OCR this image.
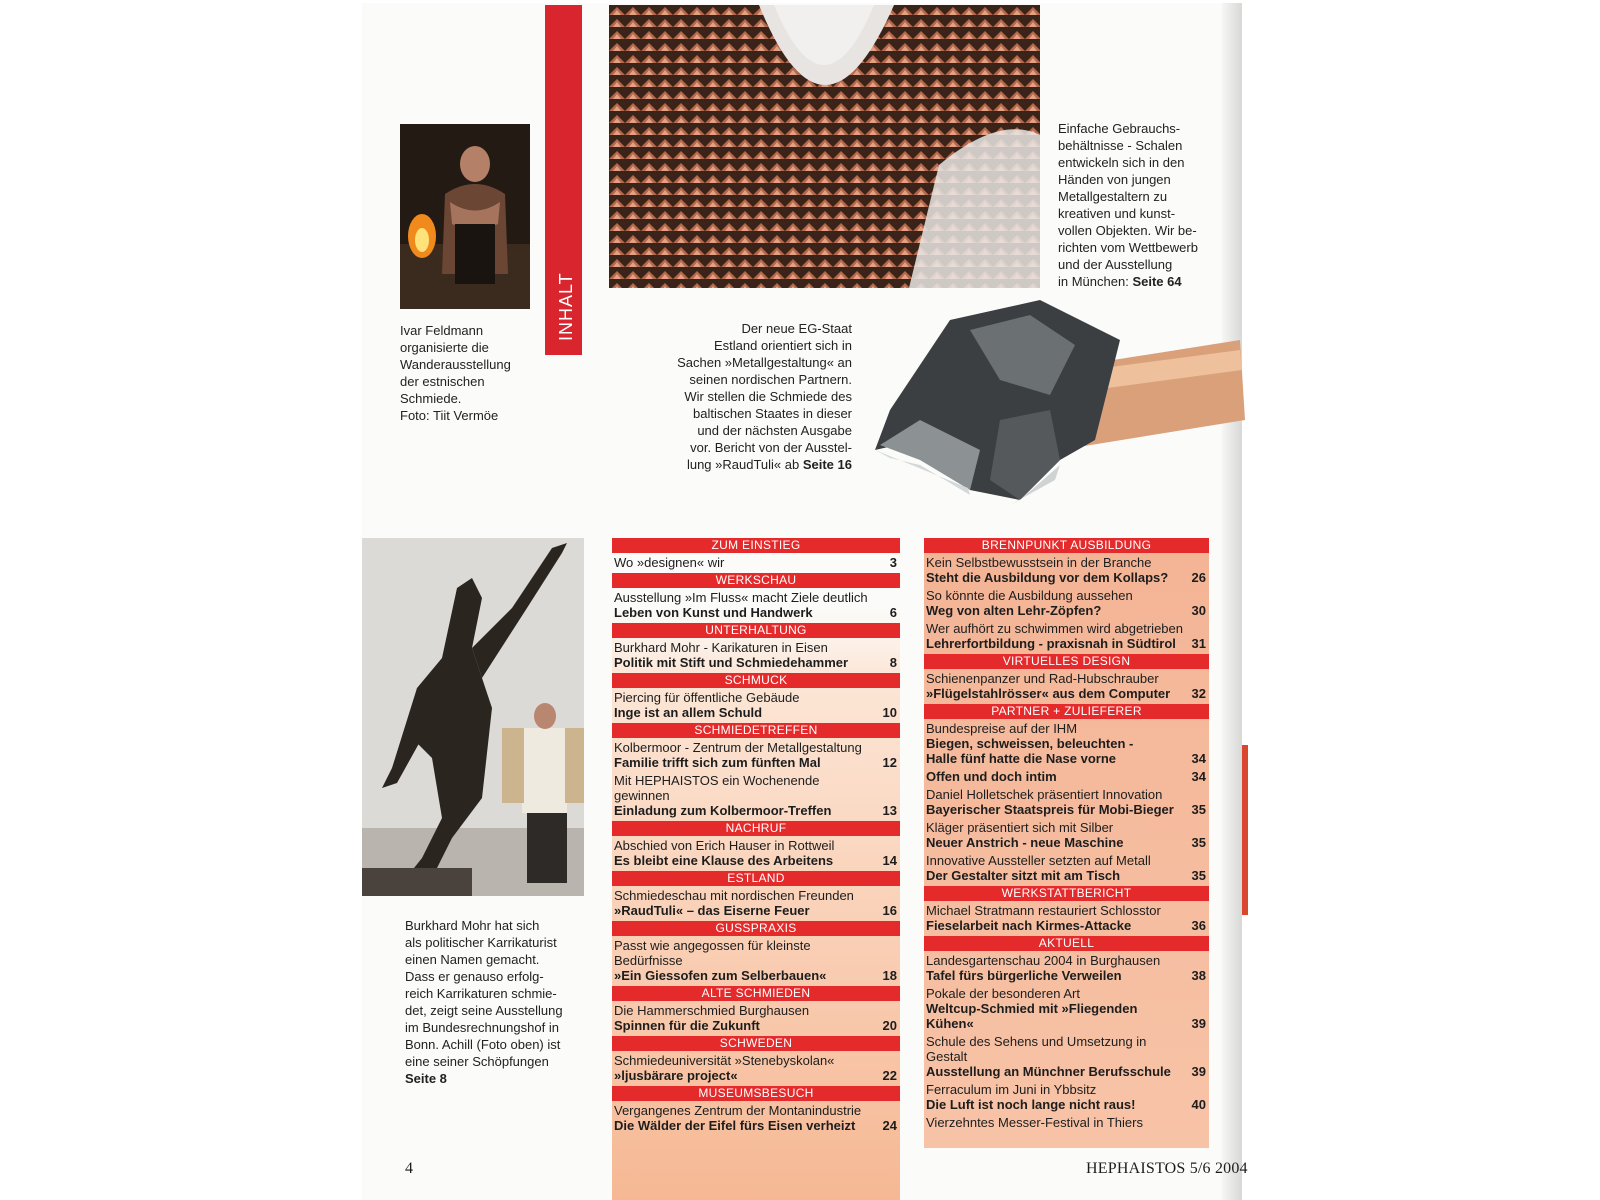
Ivar Feldmann
organisierte die
Wanderausstellung
der estnischen
Schmiede.
Foto: Tiit Vermöe
INHALT
Einfache Gebrauchs-
behältnisse - Schalen
entwickeln sich in den
Händen von jungen
Metallgestaltern zu
kreativen und kunst-
vollen Objekten. Wir be-
richten vom Wettbewerb
und der Ausstellung
in München: Seite 64
Der neue EG-Staat
Estland orientiert sich in
Sachen »Metallgestaltung« an
seinen nordischen Partnern.
Wir stellen die Schmiede des
baltischen Staates in dieser
und der nächsten Ausgabe
vor. Bericht von der Ausstel-
lung »RaudTuli« ab Seite 16
Burkhard Mohr hat sich
als politischer Karrikaturist
einen Namen gemacht.
Dass er genauso erfolg-
reich Karrikaturen schmie-
det, zeigt seine Ausstellung
im Bundesrechnungshof in
Bonn. Achill (Foto oben) ist
eine seiner Schöpfungen
Seite 8
ZUM EINSTIEG
Wo »designen« wir	3
WERKSCHAU
Ausstellung »Im Fluss« macht Ziele deutlich
Leben von Kunst und Handwerk	6
UNTERHALTUNG
Burkhard Mohr - Karikaturen in Eisen
Politik mit Stift und Schmiedehammer	8
SCHMUCK
Piercing für öffentliche Gebäude
Inge ist an allem Schuld	10
SCHMIEDETREFFEN
Kolbermoor - Zentrum der Metallgestaltung
Familie trifft sich zum fünften Mal	12
Mit HEPHAISTOS ein Wochenende gewinnen
Einladung zum Kolbermoor-Treffen	13
NACHRUF
Abschied von Erich Hauser in Rottweil
Es bleibt eine Klause des Arbeitens	14
ESTLAND
Schmiedeschau mit nordischen Freunden
»RaudTuli« – das Eiserne Feuer	16
GUSSPRAXIS
Passt wie angegossen für kleinste Bedürfnisse
»Ein Giessofen zum Selberbauen«	18
ALTE SCHMIEDEN
Die Hammerschmied Burghausen
Spinnen für die Zukunft	20
SCHWEDEN
Schmiedeuniversität »Stenebyskolan«
»ljusbärare project«	22
MUSEUMSBESUCH
Vergangenes Zentrum der Montanindustrie
Die Wälder der Eifel fürs Eisen verheizt	24
BRENNPUNKT AUSBILDUNG
Kein Selbstbewusstsein in der Branche
Steht die Ausbildung vor dem Kollaps?	26
So könnte die Ausbildung aussehen
Weg von alten Lehr-Zöpfen?	30
Wer aufhört zu schwimmen wird abgetrieben
Lehrerfortbildung - praxisnah in Südtirol	31
VIRTUELLES DESIGN
Schienenpanzer und Rad-Hubschrauber
»Flügelstahlrösser« aus dem Computer	32
PARTNER + ZULIEFERER
Bundespreise auf der IHM
Biegen, schweissen, beleuchten -
Halle fünf hatte die Nase vorne	34
Offen und doch intim	34
Daniel Holletschek präsentiert Innovation
Bayerischer Staatspreis für Mobi-Bieger	35
Kläger präsentiert sich mit Silber
Neuer Anstrich - neue Maschine	35
Innovative Aussteller setzten auf Metall
Der Gestalter sitzt mit am Tisch	35
WERKSTATTBERICHT
Michael Stratmann restauriert Schlosstor
Fieselarbeit nach Kirmes-Attacke	36
AKTUELL
Landesgartenschau 2004 in Burghausen
Tafel fürs bürgerliche Verweilen	38
Pokale der besonderen Art
Weltcup-Schmied mit »Fliegenden Kühen«	39
Schule des Sehens und Umsetzung in Gestalt
Ausstellung an Münchner Berufsschule	39
Ferraculum im Juni in Ybbsitz
Die Luft ist noch lange nicht raus!	40
Vierzehntes Messer-Festival in Thiers
4	HEPHAISTOS 5/6 2004
